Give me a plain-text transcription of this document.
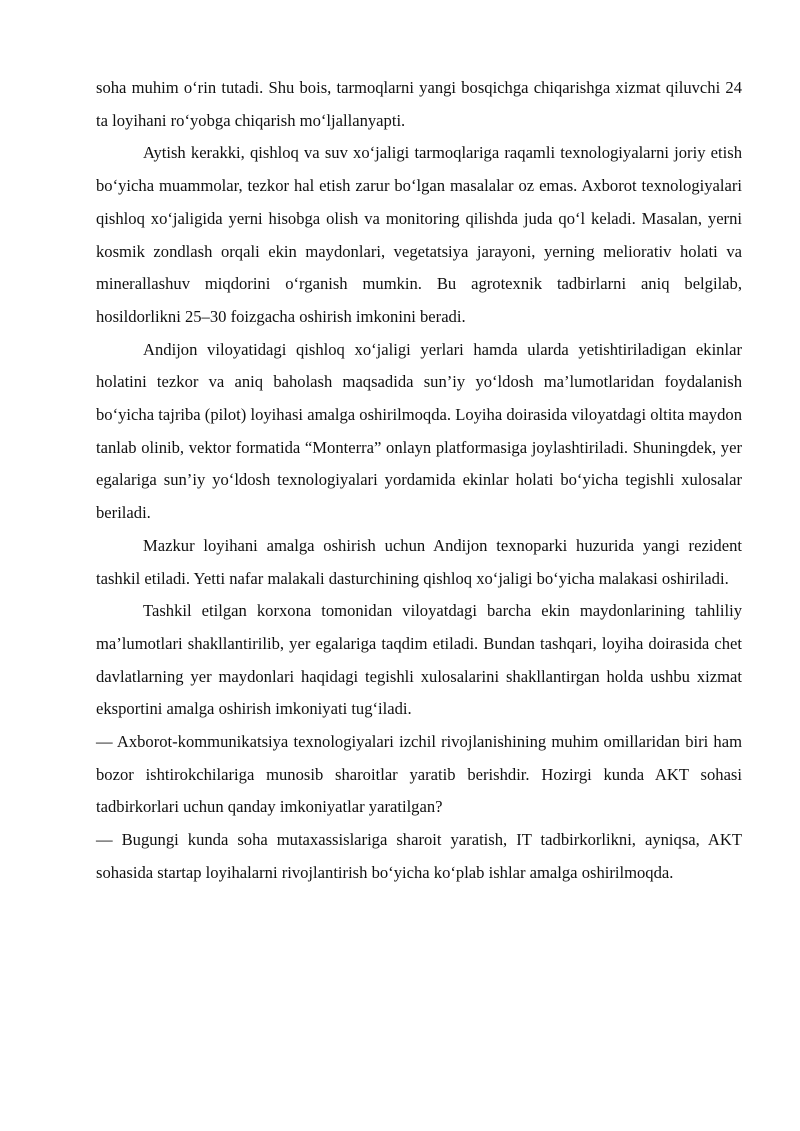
soha muhim o‘rin tutadi. Shu bois, tarmoqlarni yangi bosqichga chiqarishga xizmat qiluvchi 24 ta loyihani ro‘yobga chiqarish mo‘ljallanyapti.

Aytish kerakki, qishloq va suv xo‘jaligi tarmoqlariga raqamli texnologiyalarni joriy etish bo‘yicha muammolar, tezkor hal etish zarur bo‘lgan masalalar oz emas. Axborot texnologiyalari qishloq xo‘jaligida yerni hisobga olish va monitoring qilishda juda qo‘l keladi. Masalan, yerni kosmik zondlash orqali ekin maydonlari, vegetatsiya jarayoni, yerning meliorativ holati va minerallashuv miqdorini o‘rganish mumkin. Bu agrotexnik tadbirlarni aniq belgilab, hosildorlikni 25–30 foizgacha oshirish imkonini beradi.

Andijon viloyatidagi qishloq xo‘jaligi yerlari hamda ularda yetishtiriladigan ekinlar holatini tezkor va aniq baholash maqsadida sun’iy yo‘ldosh ma’lumotlaridan foydalanish bo‘yicha tajriba (pilot) loyihasi amalga oshirilmoqda. Loyiha doirasida viloyatdagi oltita maydon tanlab olinib, vektor formatida “Monterra” onlayn platformasiga joylashtiriladi. Shuningdek, yer egalariga sun’iy yo‘ldosh texnologiyalari yordamida ekinlar holati bo‘yicha tegishli xulosalar beriladi.

Mazkur loyihani amalga oshirish uchun Andijon texnoparki huzurida yangi rezident tashkil etiladi. Yetti nafar malakali dasturchining qishloq xo‘jaligi bo‘yicha malakasi oshiriladi.

Tashkil etilgan korxona tomonidan viloyatdagi barcha ekin maydonlarining tahliliy ma’lumotlari shakllantirilib, yer egalariga taqdim etiladi. Bundan tashqari, loyiha doirasida chet davlatlarning yer maydonlari haqidagi tegishli xulosalarini shakllantirgan holda ushbu xizmat eksportini amalga oshirish imkoniyati tug‘iladi.

— Axborot-kommunikatsiya texnologiyalari izchil rivojlanishining muhim omillaridan biri ham bozor ishtirokchilariga munosib sharoitlar yaratib berishdir. Hozirgi kunda AKT sohasi tadbirkorlari uchun qanday imkoniyatlar yaratilgan?

— Bugungi kunda soha mutaxassislariga sharoit yaratish, IT tadbirkorlikni, ayniqsa, AKT sohasida startap loyihalarni rivojlantirish bo‘yicha ko‘plab ishlar amalga oshirilmoqda.
